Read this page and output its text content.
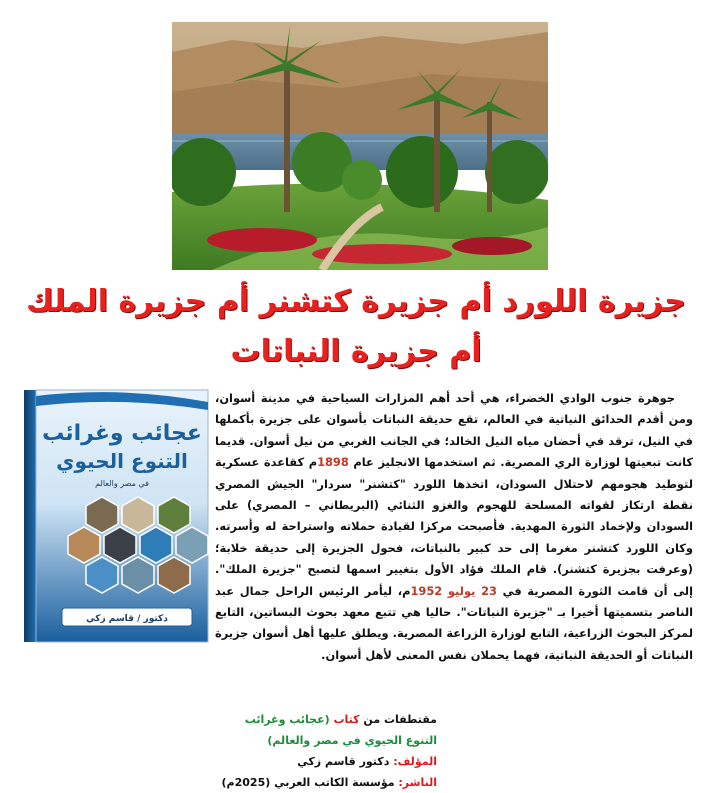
جزيرة اللورد أم جزيرة كتشنر أم جزيرة الملك
أم جزيرة النباتات
عجائب وغرائب
التنوع الحيوي
في مصر والعالم
دكتور / قاسم زكي

جوهرة جنوب الوادي الخضراء، هي أحد أهم المزارات السياحية في مدينة أسوان، ومن أقدم الحدائق النباتية في العالم، تقع حديقة النباتات بأسوان على جزيرة بأكملها في النيل، ترقد في أحضان مياه النيل الخالد؛ في الجانب الغربي من نيل أسوان. قديما كانت تبعيتها لوزارة الري المصرية. ثم استخدمها الانجليز عام 1898م كقاعدة عسكرية لتوطيد هجومهم لاحتلال السودان، اتخذها اللورد "كتشنر" سردار" الجيش المصري نقطة ارتكاز لقواته المسلحة للهجوم والغزو الثنائي (البريطاني – المصري) على السودان ولإخماد الثورة المهدية. فأصبحت مركزا لقيادة حملاته واستراحة له وأسرته. وكان اللورد كتشنر مغرما إلى حد كبير بالنباتات، فحول الجزيرة إلى حديقة خلابة؛ (وعرفت بجزيرة كتشنر). قام الملك فؤاد الأول بتغيير اسمها لتصبح "جزيرة الملك". إلى أن قامت الثورة المصرية في 23 يوليو 1952م، ليأمر الرئيس الراحل جمال عبد الناصر بتسميتها أخيرا بـ "جزيرة النباتات". حاليا هي تتبع معهد بحوث البساتين، التابع لمركز البحوث الزراعية، التابع لوزارة الزراعة المصرية. ويطلق عليها أهل أسوان جزيرة النباتات أو الحديقة النباتية، فهما يحملان نفس المعنى لأهل أسوان.

مقتطفات من كتاب (عجائب وغرائب التنوع الحيوي في مصر والعالم)
المؤلف: دكتور قاسم زكي
الناشر: مؤسسة الكاتب العربي (2025م)
